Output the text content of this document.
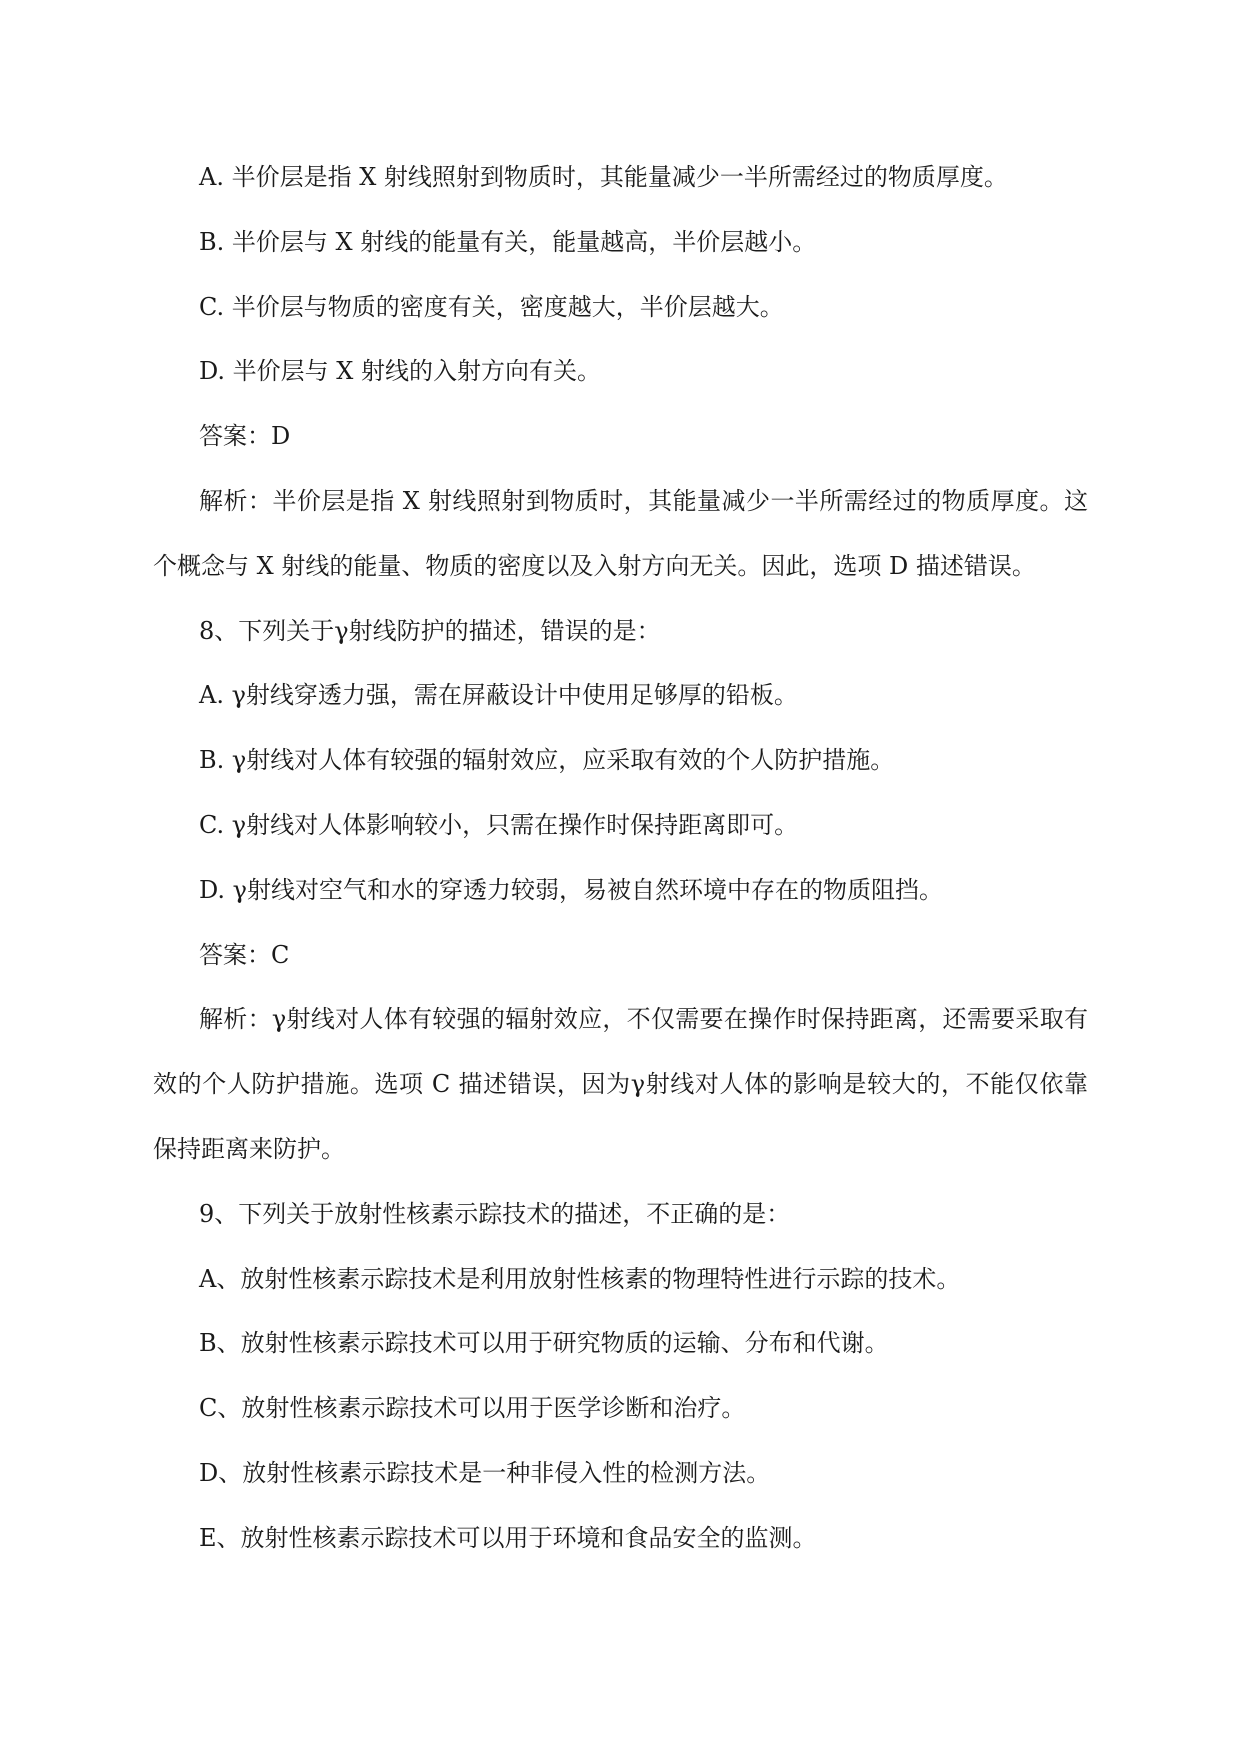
A. 半价层是指 X 射线照射到物质时，其能量减少一半所需经过的物质厚度。

B. 半价层与 X 射线的能量有关，能量越高，半价层越小。

C. 半价层与物质的密度有关，密度越大，半价层越大。

D. 半价层与 X 射线的入射方向有关。

答案：D

解析：半价层是指 X 射线照射到物质时，其能量减少一半所需经过的物质厚度。这个概念与 X 射线的能量、物质的密度以及入射方向无关。因此，选项 D 描述错误。

8、下列关于γ射线防护的描述，错误的是：

A. γ射线穿透力强，需在屏蔽设计中使用足够厚的铅板。

B. γ射线对人体有较强的辐射效应，应采取有效的个人防护措施。

C. γ射线对人体影响较小，只需在操作时保持距离即可。

D. γ射线对空气和水的穿透力较弱，易被自然环境中存在的物质阻挡。

答案：C

解析：γ射线对人体有较强的辐射效应，不仅需要在操作时保持距离，还需要采取有效的个人防护措施。选项 C 描述错误，因为γ射线对人体的影响是较大的，不能仅依靠保持距离来防护。

9、下列关于放射性核素示踪技术的描述，不正确的是：

A、放射性核素示踪技术是利用放射性核素的物理特性进行示踪的技术。

B、放射性核素示踪技术可以用于研究物质的运输、分布和代谢。

C、放射性核素示踪技术可以用于医学诊断和治疗。

D、放射性核素示踪技术是一种非侵入性的检测方法。

E、放射性核素示踪技术可以用于环境和食品安全的监测。
